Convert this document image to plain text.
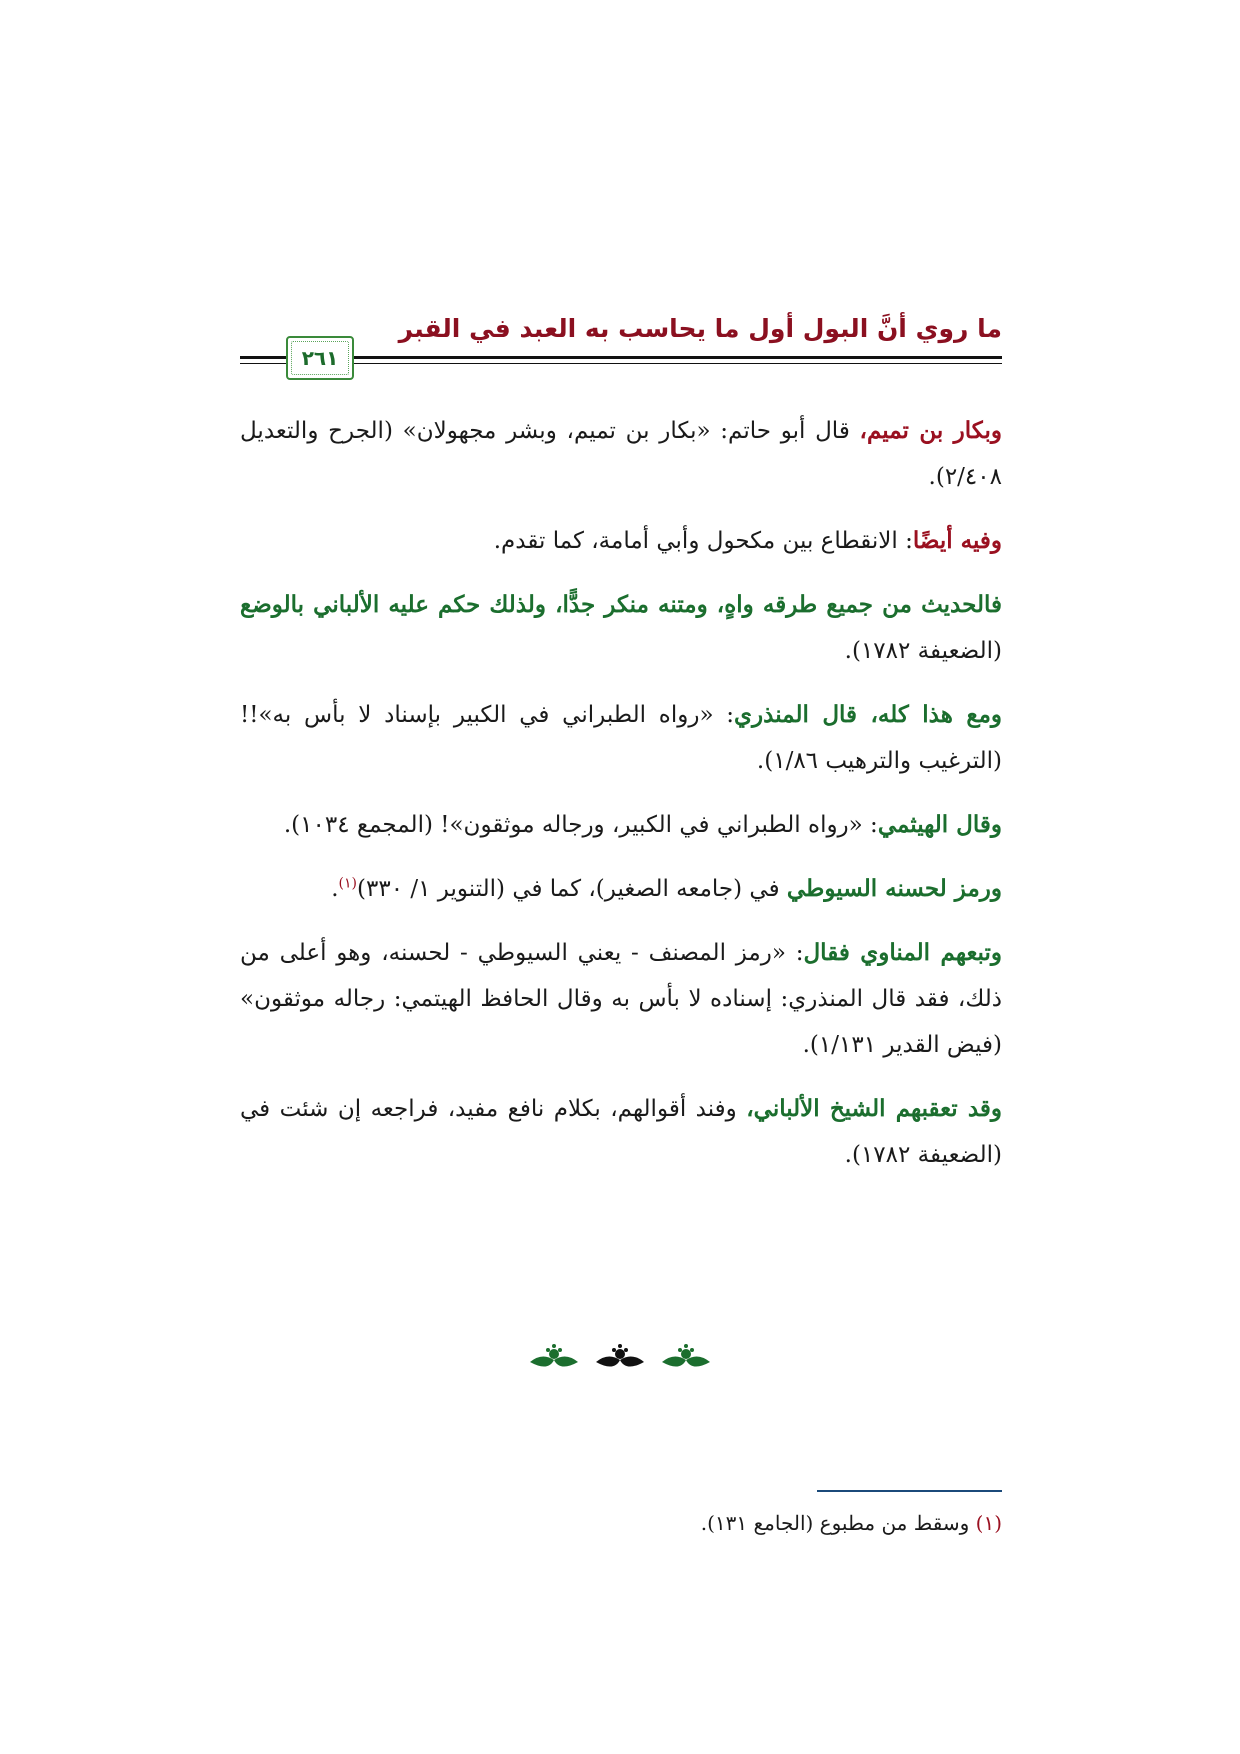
ما روي أنَّ البول أول ما يحاسب به العبد في القبر
٢٦١

وبكار بن تميم، قال أبو حاتم: «بكار بن تميم، وبشر مجهولان» (الجرح والتعديل ٢/٤٠٨).

وفيه أيضًا: الانقطاع بين مكحول وأبي أمامة، كما تقدم.

فالحديث من جميع طرقه واهٍ، ومتنه منكر جدًّا، ولذلك حكم عليه الألباني بالوضع (الضعيفة ١٧٨٢).

ومع هذا كله، قال المنذري: «رواه الطبراني في الكبير بإسناد لا بأس به»!! (الترغيب والترهيب ١/٨٦).

وقال الهيثمي: «رواه الطبراني في الكبير، ورجاله موثقون»! (المجمع ١٠٣٤).

ورمز لحسنه السيوطي في (جامعه الصغير)، كما في (التنوير ١/ ٣٣٠)$^{(١)}$.

وتبعهم المناوي فقال: «رمز المصنف - يعني السيوطي - لحسنه، وهو أعلى من ذلك، فقد قال المنذري: إسناده لا بأس به وقال الحافظ الهيتمي: رجاله موثقون» (فيض القدير ١/١٣١).

وقد تعقبهم الشيخ الألباني، وفند أقوالهم، بكلام نافع مفيد، فراجعه إن شئت في (الضعيفة ١٧٨٢).

(١) وسقط من مطبوع (الجامع ١٣١).
